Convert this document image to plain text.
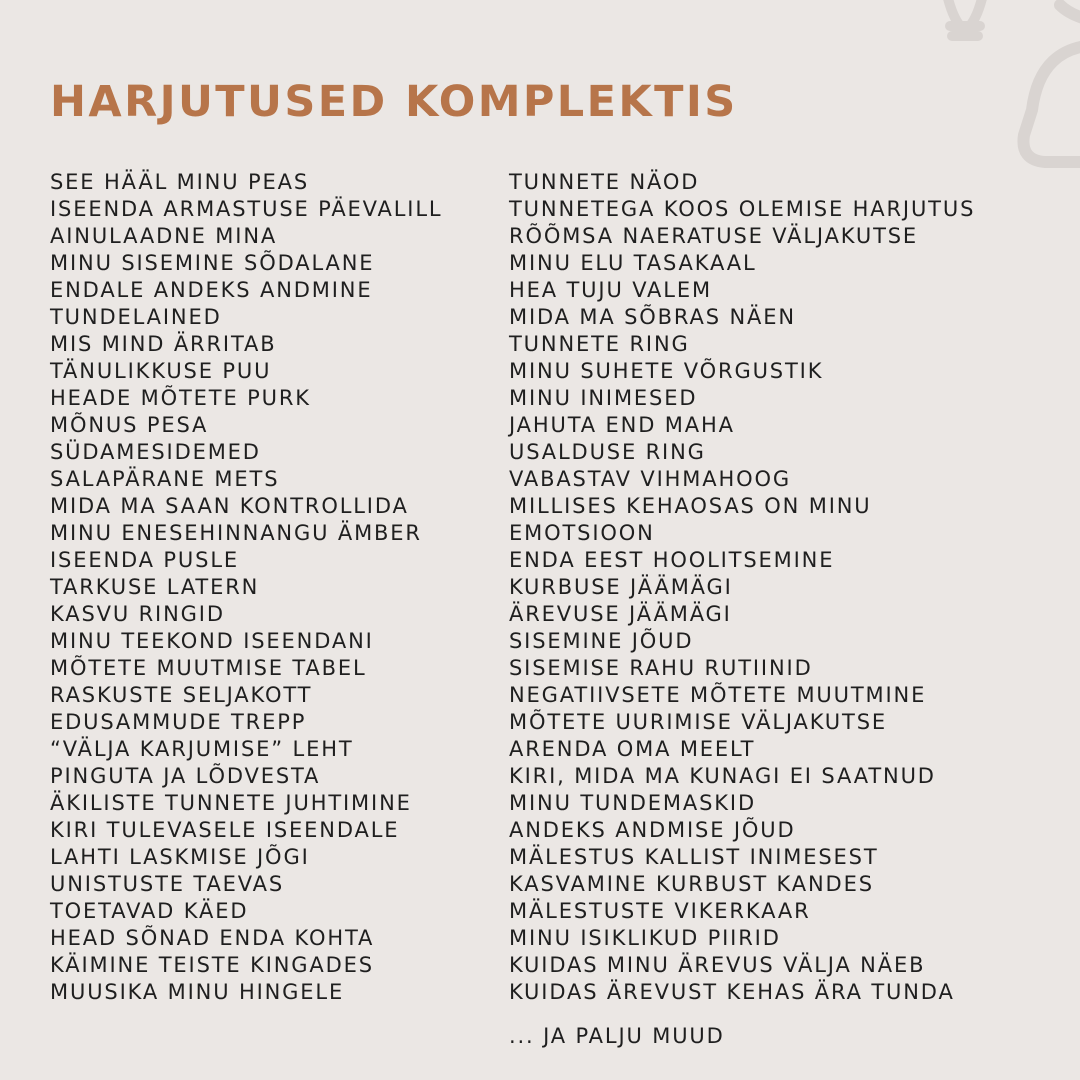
HARJUTUSED KOMPLEKTIS
SEE HÄÄL MINU PEAS
ISEENDA ARMASTUSE PÄEVALILL
AINULAADNE MINA
MINU SISEMINE SÕDALANE
ENDALE ANDEKS ANDMINE
TUNDELAINED
MIS MIND ÄRRITAB
TÄNULIKKUSE PUU
HEADE MÕTETE PURK
MÕNUS PESA
SÜDAMESIDEMED
SALAPÄRANE METS
MIDA MA SAAN KONTROLLIDA
MINU ENESEHINNANGU ÄMBER
ISEENDA PUSLE
TARKUSE LATERN
KASVU RINGID
MINU TEEKOND ISEENDANI
MÕTETE MUUTMISE TABEL
RASKUSTE SELJAKOTT
EDUSAMMUDE TREPP
“VÄLJA KARJUMISE” LEHT
PINGUTA JA LÕDVESTA
ÄKILISTE TUNNETE JUHTIMINE
KIRI TULEVASELE ISEENDALE
LAHTI LASKMISE JÕGI
UNISTUSTE TAEVAS
TOETAVAD KÄED
HEAD SÕNAD ENDA KOHTA
KÄIMINE TEISTE KINGADES
MUUSIKA MINU HINGELE
TUNNETE NÄOD
TUNNETEGA KOOS OLEMISE HARJUTUS
RÕÕMSA NAERATUSE VÄLJAKUTSE
MINU ELU TASAKAAL
HEA TUJU VALEM
MIDA MA SÕBRAS NÄEN
TUNNETE RING
MINU SUHETE VÕRGUSTIK
MINU INIMESED
JAHUTA END MAHA
USALDUSE RING
VABASTAV VIHMAHOOG
MILLISES KEHAOSAS ON MINU
EMOTSIOON
ENDA EEST HOOLITSEMINE
KURBUSE JÄÄMÄGI
ÄREVUSE JÄÄMÄGI
SISEMINE JÕUD
SISEMISE RAHU RUTIINID
NEGATIIVSETE MÕTETE MUUTMINE
MÕTETE UURIMISE VÄLJAKUTSE
ARENDA OMA MEELT
KIRI, MIDA MA KUNAGI EI SAATNUD
MINU TUNDEMASKID
ANDEKS ANDMISE JÕUD
MÄLESTUS KALLIST INIMESEST
KASVAMINE KURBUST KANDES
MÄLESTUSTE VIKERKAAR
MINU ISIKLIKUD PIIRID
KUIDAS MINU ÄREVUS VÄLJA NÄEB
KUIDAS ÄREVUST KEHAS ÄRA TUNDA

... JA PALJU MUUD
